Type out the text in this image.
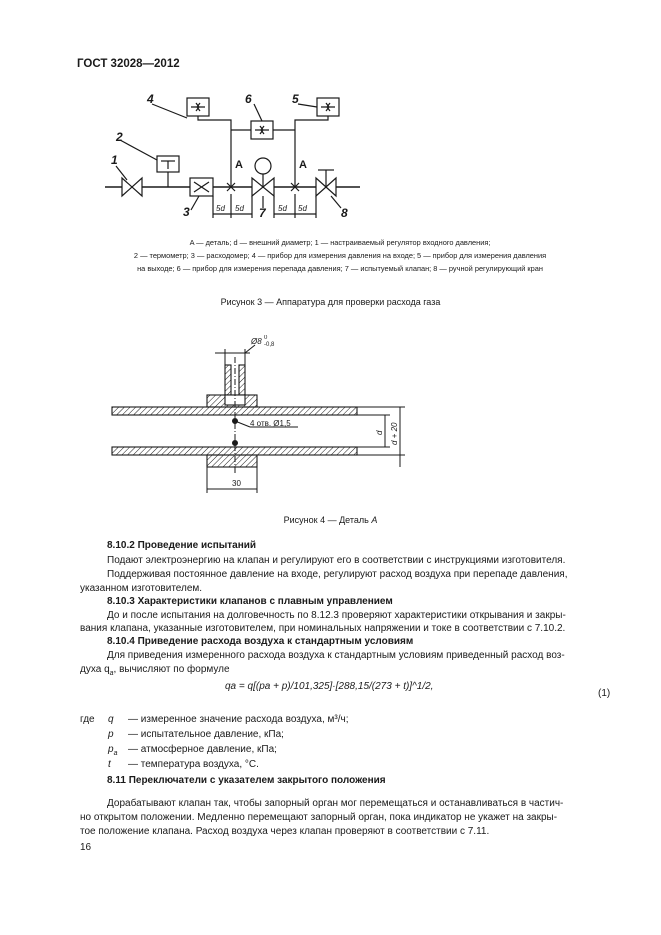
ГОСТ 32028—2012
4	6	5
2
1
3	7	8
А	А
5d 5d	5d 5d
A — деталь; d — внешний диаметр; 1 — настраиваемый регулятор входного давления;
2 — термометр; 3 — расходомер; 4 — прибор для измерения давления на входе; 5 — прибор для измерения давления
на выходе; 6 — прибор для измерения перепада давления; 7 — испытуемый клапан; 8 — ручной регулирующий кран
Рисунок 3 — Аппаратура для проверки расхода газа
Ø8 0
-0,8
4 отв. Ø1,5
30
d d + 20
Рисунок 4 — Деталь А
8.10.2 Проведение испытаний
Подают электроэнергию на клапан и регулируют его в соответствии с инструкциями изготовителя.
Поддерживая постоянное давление на входе, регулируют расход воздуха при перепаде давления,
указанном изготовителем.
8.10.3 Характеристики клапанов с плавным управлением
До и после испытания на долговечность по 8.12.3 проверяют характеристики открывания и закры-
вания клапана, указанные изготовителем, при номинальных напряжении и токе в соответствии с 7.10.2.
8.10.4 Приведение расхода воздуха к стандартным условиям
Для приведения измеренного расхода воздуха к стандартным условиям приведенный расход воз-
духа $q_a$, вычисляют по формуле
qa = q[(pa + p)/101,325]·[288,15/(273 + t)]^1/2,
(1)
где	q	— измеренное значение расхода воздуха, м³/ч;
	p	— испытательное давление, кПа;
	$p_a$	— атмосферное давление, кПа;
	t	— температура воздуха, °С.
8.11 Переключатели с указателем закрытого положения
Дорабатывают клапан так, чтобы запорный орган мог перемещаться и останавливаться в частич-
но открытом положении. Медленно перемещают запорный орган, пока индикатор не укажет на закры-
тое положение клапана. Расход воздуха через клапан проверяют в соответствии с 7.11.
16
